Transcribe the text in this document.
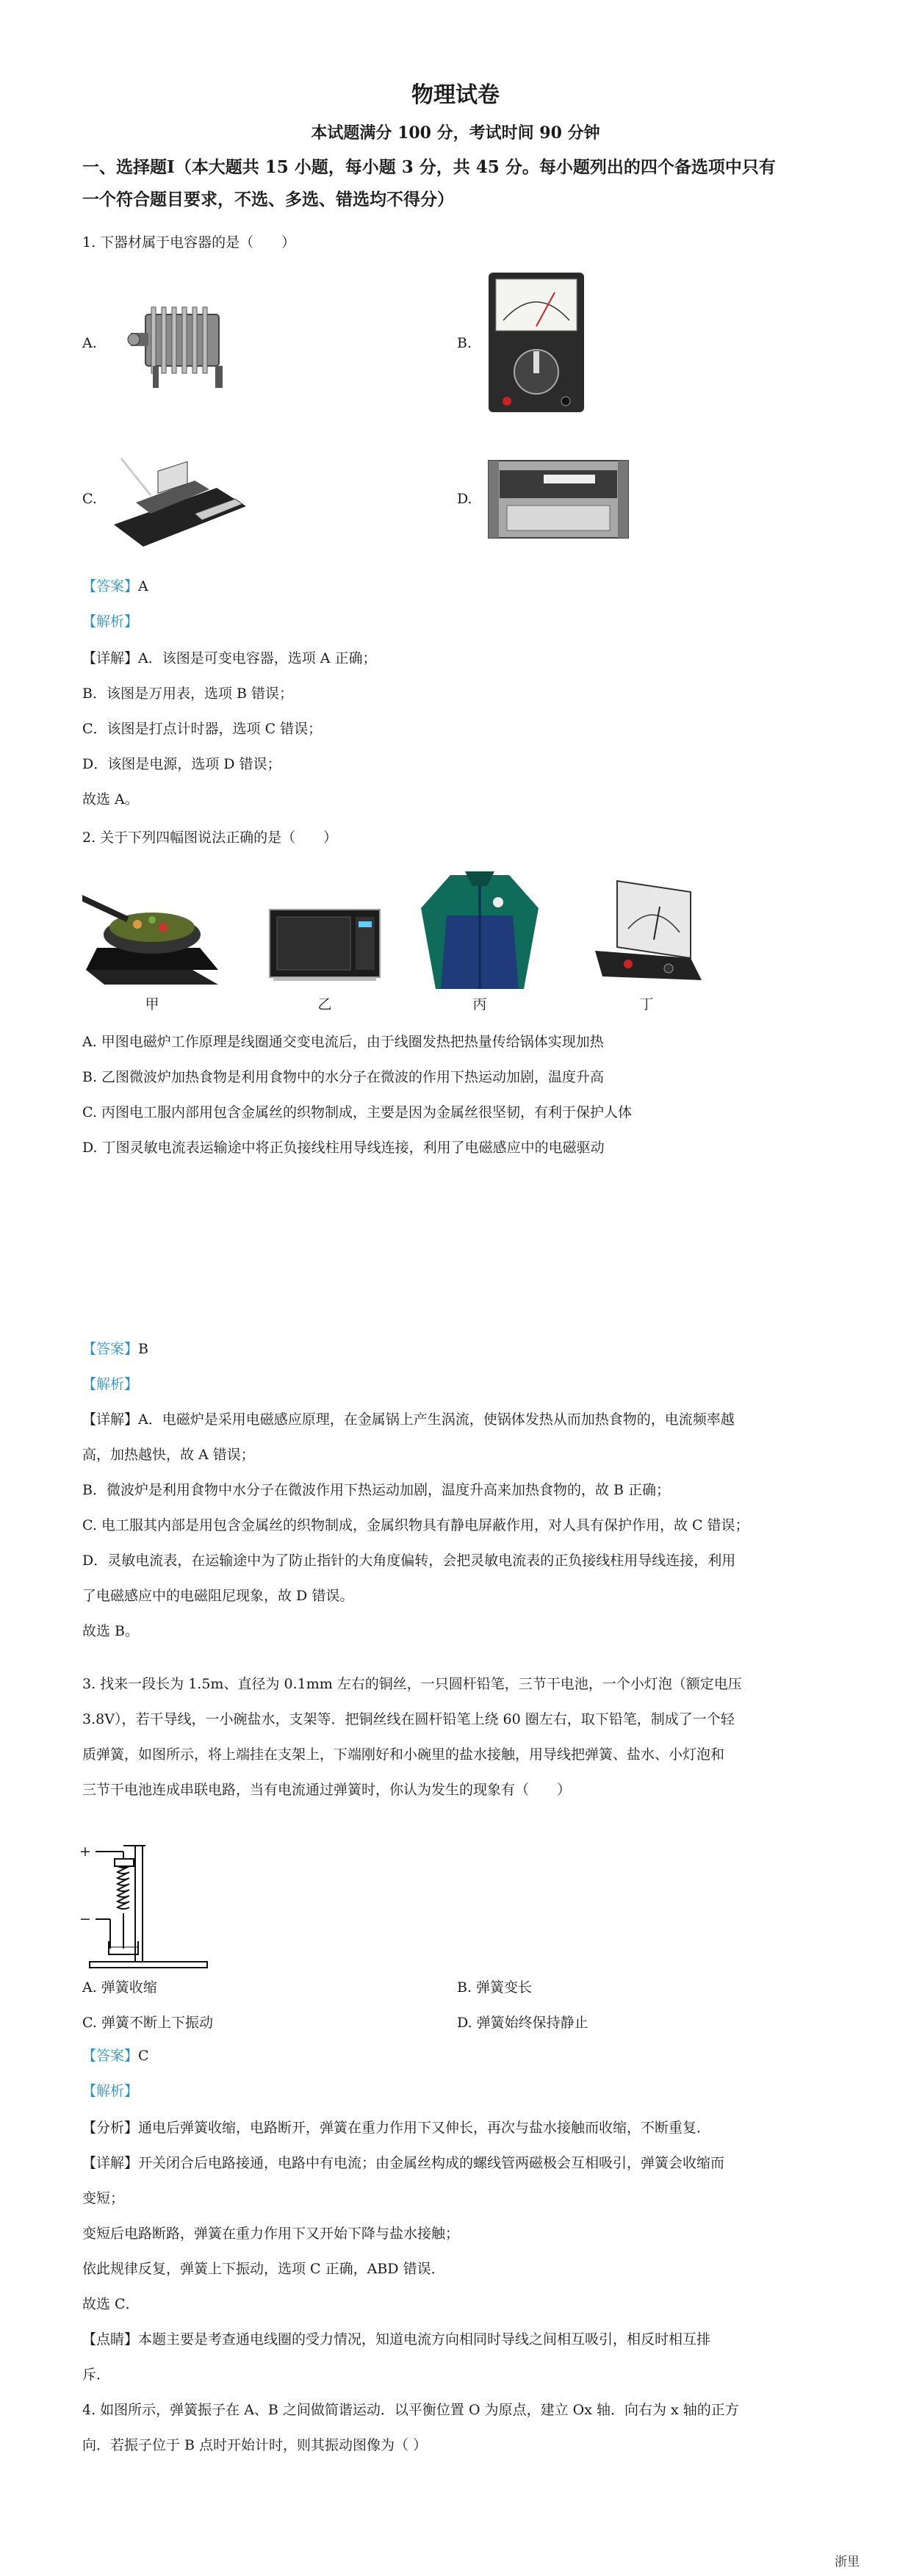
物理试卷
本试题满分 100 分，考试时间 90 分钟
一、选择题Ⅰ（本大题共 15 小题，每小题 3 分，共 45 分。每小题列出的四个备选项中只有
一个符合题目要求，不选、多选、错选均不得分）
1. 下器材属于电容器的是（　　）
A.	B.
C.	D.
【答案】A
【解析】
【详解】A．该图是可变电容器，选项 A 正确；
B．该图是万用表，选项 B 错误；
C．该图是打点计时器，选项 C 错误；
D．该图是电源，选项 D 错误；
故选 A。
2. 关于下列四幅图说法正确的是（　　）
甲	乙	丙	丁
A. 甲图电磁炉工作原理是线圈通交变电流后，由于线圈发热把热量传给锅体实现加热
B. 乙图微波炉加热食物是利用食物中的水分子在微波的作用下热运动加剧，温度升高
C. 丙图电工服内部用包含金属丝的织物制成，主要是因为金属丝很坚韧，有利于保护人体
D. 丁图灵敏电流表运输途中将正负接线柱用导线连接，利用了电磁感应中的电磁驱动
【答案】B
【解析】
【详解】A．电磁炉是采用电磁感应原理，在金属锅上产生涡流，使锅体发热从而加热食物的，电流频率越
高，加热越快，故 A 错误；
B．微波炉是利用食物中水分子在微波作用下热运动加剧，温度升高来加热食物的，故 B 正确；
C. 电工服其内部是用包含金属丝的织物制成，金属织物具有静电屏蔽作用，对人具有保护作用，故 C 错误；
D．灵敏电流表，在运输途中为了防止指针的大角度偏转，会把灵敏电流表的正负接线柱用导线连接，利用
了电磁感应中的电磁阻尼现象，故 D 错误。
故选 B。
3. 找来一段长为 1.5m、直径为 0.1mm 左右的铜丝，一只圆杆铅笔，三节干电池，一个小灯泡（额定电压
3.8V），若干导线，一小碗盐水，支架等．把铜丝线在圆杆铅笔上绕 60 圈左右，取下铅笔，制成了一个轻
质弹簧，如图所示，将上端挂在支架上，下端刚好和小碗里的盐水接触，用导线把弹簧、盐水、小灯泡和
三节干电池连成串联电路，当有电流通过弹簧时，你认为发生的现象有（　　）
+
−
A. 弹簧收缩	B. 弹簧变长
C. 弹簧不断上下振动	D. 弹簧始终保持静止
【答案】C
【解析】
【分析】通电后弹簧收缩，电路断开，弹簧在重力作用下又伸长，再次与盐水接触而收缩，不断重复．
【详解】开关闭合后电路接通，电路中有电流；由金属丝构成的螺线管两磁极会互相吸引，弹簧会收缩而
变短；
变短后电路断路，弹簧在重力作用下又开始下降与盐水接触；
依此规律反复，弹簧上下振动，选项 C 正确，ABD 错误．
故选 C．
【点睛】本题主要是考查通电线圈的受力情况，知道电流方向相同时导线之间相互吸引，相反时相互排
斥．
4. 如图所示，弹簧振子在 A、B 之间做简谐运动．以平衡位置 O 为原点，建立 Ox 轴．向右为 x 轴的正方
向．若振子位于 B 点时开始计时，则其振动图像为（ ）
浙里
